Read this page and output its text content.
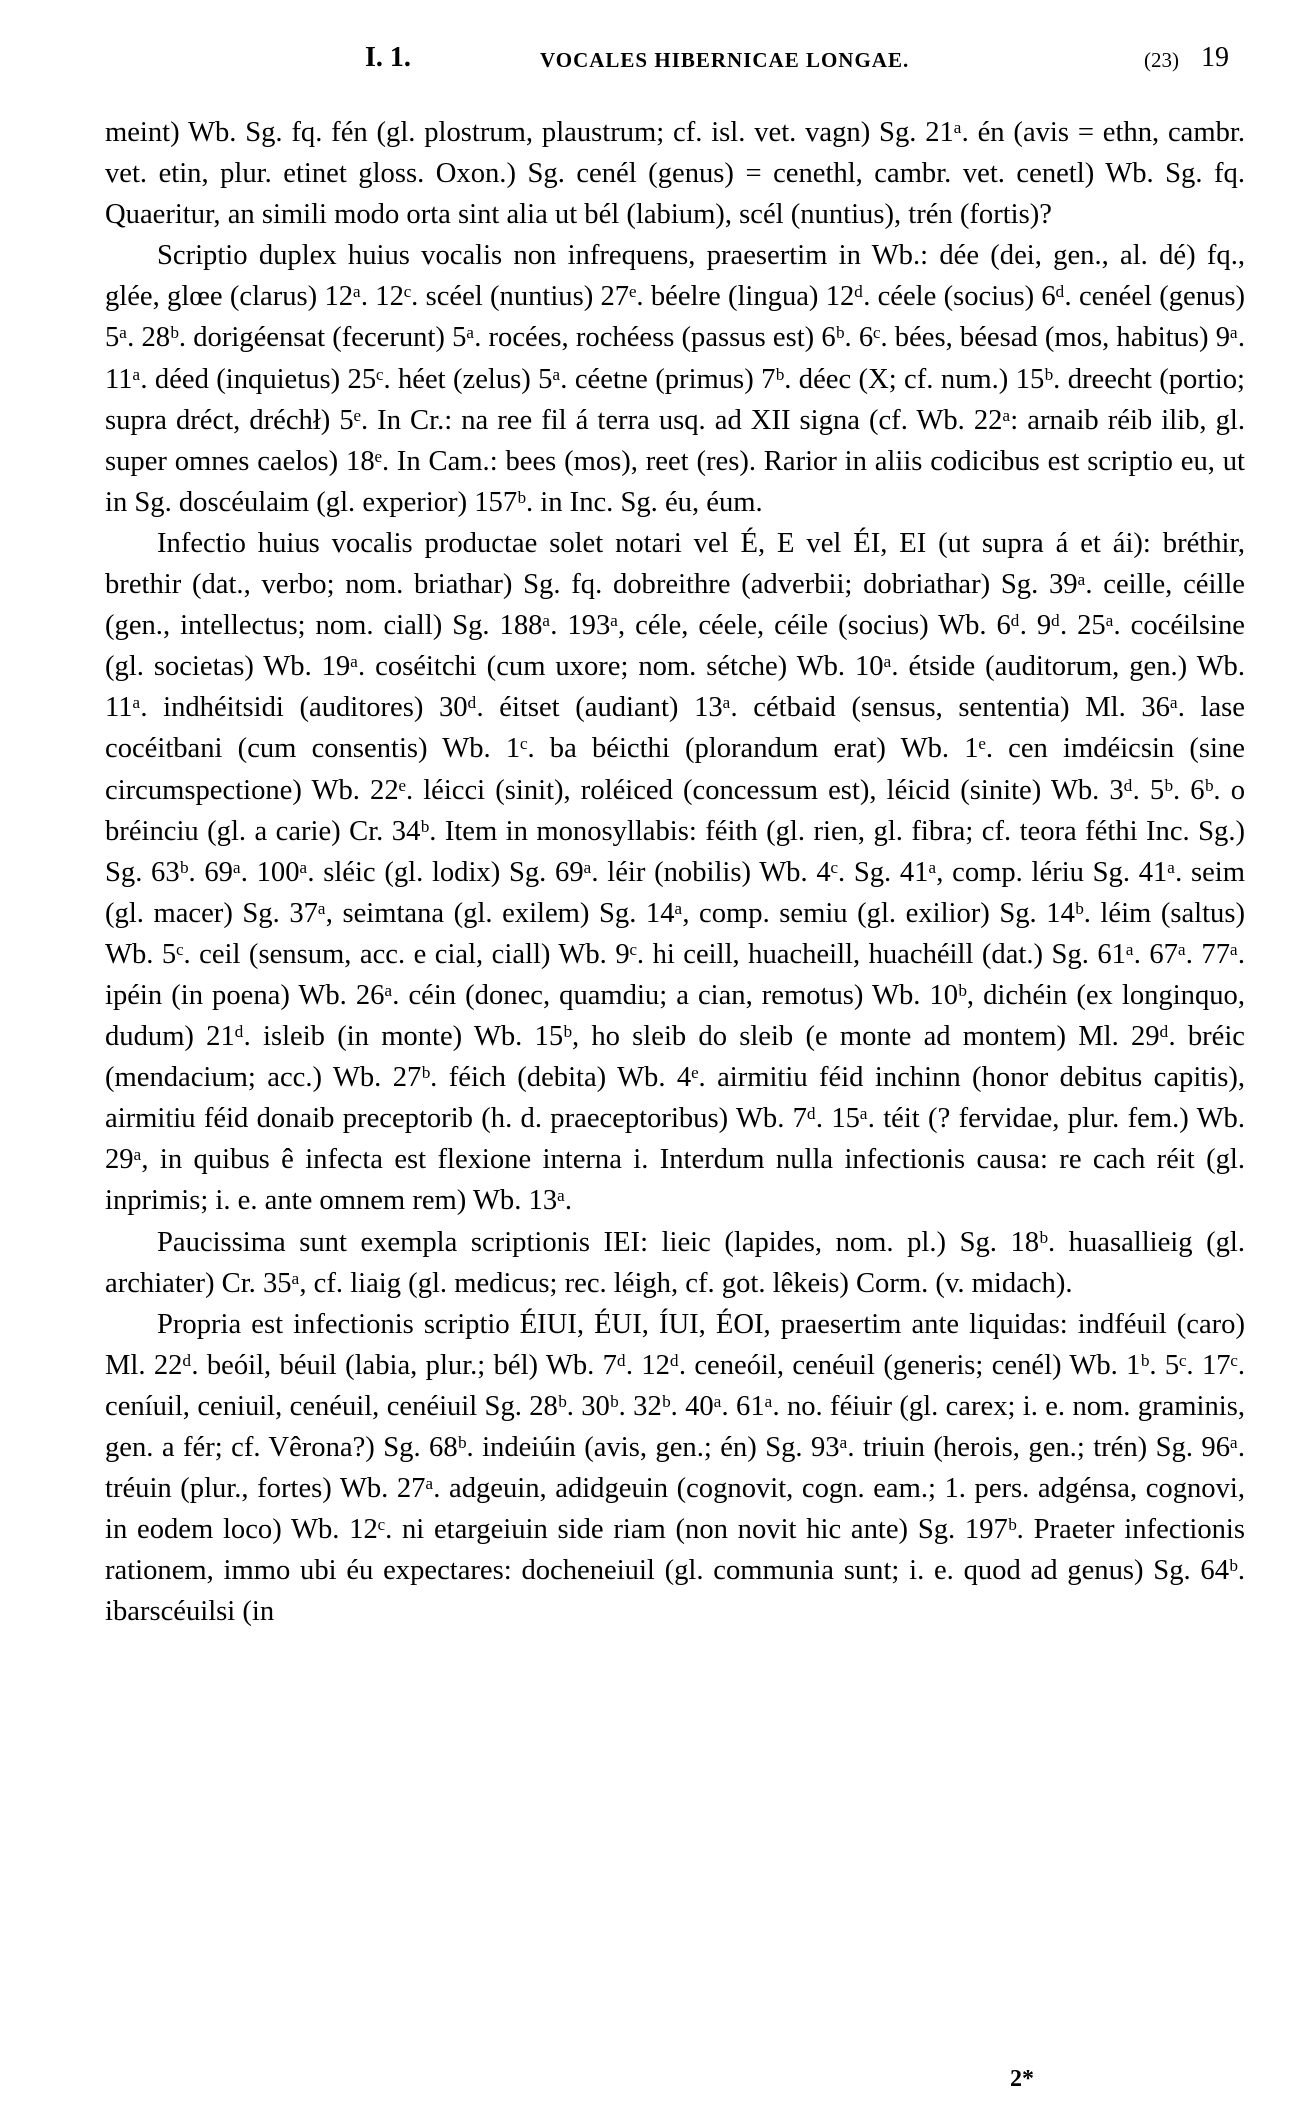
I. 1.	VOCALES HIBERNICAE LONGAE.	(23) 19

meint) Wb. Sg. fq. fén (gl. plostrum, plaustrum; cf. isl. vet. vagn) Sg. 21ᵃ. én (avis = ethn, cambr. vet. etin, plur. etinet gloss. Oxon.) Sg. cenél (genus) = cenethl, cambr. vet. cenetl) Wb. Sg. fq. Quaeritur, an simili modo orta sint alia ut bél (labium), scél (nuntius), trén (fortis)?

Scriptio duplex huius vocalis non infrequens, praesertim in Wb.: dée (dei, gen., al. dé) fq., glée, glœe (clarus) 12ᵃ. 12ᶜ. scéel (nuntius) 27ᵉ. béelre (lingua) 12ᵈ. céele (socius) 6ᵈ. cenéel (genus) 5ᵃ. 28ᵇ. dorigéensat (fecerunt) 5ᵃ. rocées, rochéess (passus est) 6ᵇ. 6ᶜ. bées, béesad (mos, habitus) 9ᵃ. 11ᵃ. déed (inquietus) 25ᶜ. héet (zelus) 5ᵃ. céetne (primus) 7ᵇ. déec (X; cf. num.) 15ᵇ. dreecht (portio; supra dréct, dréchł) 5ᵉ. In Cr.: na ree fil á terra usq. ad XII signa (cf. Wb. 22ᵃ: arnaib réib ilib, gl. super omnes caelos) 18ᵉ. In Cam.: bees (mos), reet (res). Rarior in aliis codicibus est scriptio eu, ut in Sg. doscéulaim (gl. experior) 157ᵇ. in Inc. Sg. éu, éum.

Infectio huius vocalis productae solet notari vel É, E vel ÉI, EI (ut supra á et ái): bréthir, brethir (dat., verbo; nom. briathar) Sg. fq. dobreithre (adverbii; dobriathar) Sg. 39ᵃ. ceille, céille (gen., intellectus; nom. ciall) Sg. 188ᵃ. 193ᵃ, céle, céele, céile (socius) Wb. 6ᵈ. 9ᵈ. 25ᵃ. cocéilsine (gl. societas) Wb. 19ᵃ. coséitchi (cum uxore; nom. sétche) Wb. 10ᵃ. étside (auditorum, gen.) Wb. 11ᵃ. indhéitsidi (auditores) 30ᵈ. éitset (audiant) 13ᵃ. cétbaid (sensus, sententia) Ml. 36ᵃ. lase cocéitbani (cum consentis) Wb. 1ᶜ. ba béicthi (plorandum erat) Wb. 1ᵉ. cen imdéicsin (sine circumspectione) Wb. 22ᵉ. léicci (sinit), roléiced (concessum est), léicid (sinite) Wb. 3ᵈ. 5ᵇ. 6ᵇ. o bréinciu (gl. a carie) Cr. 34ᵇ. Item in monosyllabis: féith (gl. rien, gl. fibra; cf. teora féthi Inc. Sg.) Sg. 63ᵇ. 69ᵃ. 100ᵃ. sléic (gl. lodix) Sg. 69ᵃ. léir (nobilis) Wb. 4ᶜ. Sg. 41ᵃ, comp. lériu Sg. 41ᵃ. seim (gl. macer) Sg. 37ᵃ, seimtana (gl. exilem) Sg. 14ᵃ, comp. semiu (gl. exilior) Sg. 14ᵇ. léim (saltus) Wb. 5ᶜ. ceil (sensum, acc. e cial, ciall) Wb. 9ᶜ. hi ceill, huacheill, huachéill (dat.) Sg. 61ᵃ. 67ᵃ. 77ᵃ. ipéin (in poena) Wb. 26ᵃ. céin (donec, quamdiu; a cian, remotus) Wb. 10ᵇ, dichéin (ex longinquo, dudum) 21ᵈ. isleib (in monte) Wb. 15ᵇ, ho sleib do sleib (e monte ad montem) Ml. 29ᵈ. bréic (mendacium; acc.) Wb. 27ᵇ. féich (debita) Wb. 4ᵉ. airmitiu féid inchinn (honor debitus capitis), airmitiu féid donaib preceptorib (h. d. praeceptoribus) Wb. 7ᵈ. 15ᵃ. téit (? fervidae, plur. fem.) Wb. 29ᵃ, in quibus ê infecta est flexione interna i. Interdum nulla infectionis causa: re cach réit (gl. inprimis; i. e. ante omnem rem) Wb. 13ᵃ.

Paucissima sunt exempla scriptionis IEI: lieic (lapides, nom. pl.) Sg. 18ᵇ. huasallieig (gl. archiater) Cr. 35ᵃ, cf. liaig (gl. medicus; rec. léigh, cf. got. lêkeis) Corm. (v. midach).

Propria est infectionis scriptio ÉIUI, ÉUI, ÍUI, ÉOI, praesertim ante liquidas: indféuil (caro) Ml. 22ᵈ. beóil, béuil (labia, plur.; bél) Wb. 7ᵈ. 12ᵈ. ceneóil, cenéuil (generis; cenél) Wb. 1ᵇ. 5ᶜ. 17ᶜ. ceníuil, ceniuil, cenéuil, cenéiuil Sg. 28ᵇ. 30ᵇ. 32ᵇ. 40ᵃ. 61ᵃ. no. féiuir (gl. carex; i. e. nom. graminis, gen. a fér; cf. Vêrona?) Sg. 68ᵇ. indeiúin (avis, gen.; én) Sg. 93ᵃ. triuin (herois, gen.; trén) Sg. 96ᵃ. tréuin (plur., fortes) Wb. 27ᵃ. adgeuin, adidgeuin (cognovit, cogn. eam.; 1. pers. adgénsa, cognovi, in eodem loco) Wb. 12ᶜ. ni etargeiuin side riam (non novit hic ante) Sg. 197ᵇ. Praeter infectionis rationem, immo ubi éu expectares: docheneiuil (gl. communia sunt; i. e. quod ad genus) Sg. 64ᵇ. ibarscéuilsi (in

2*
